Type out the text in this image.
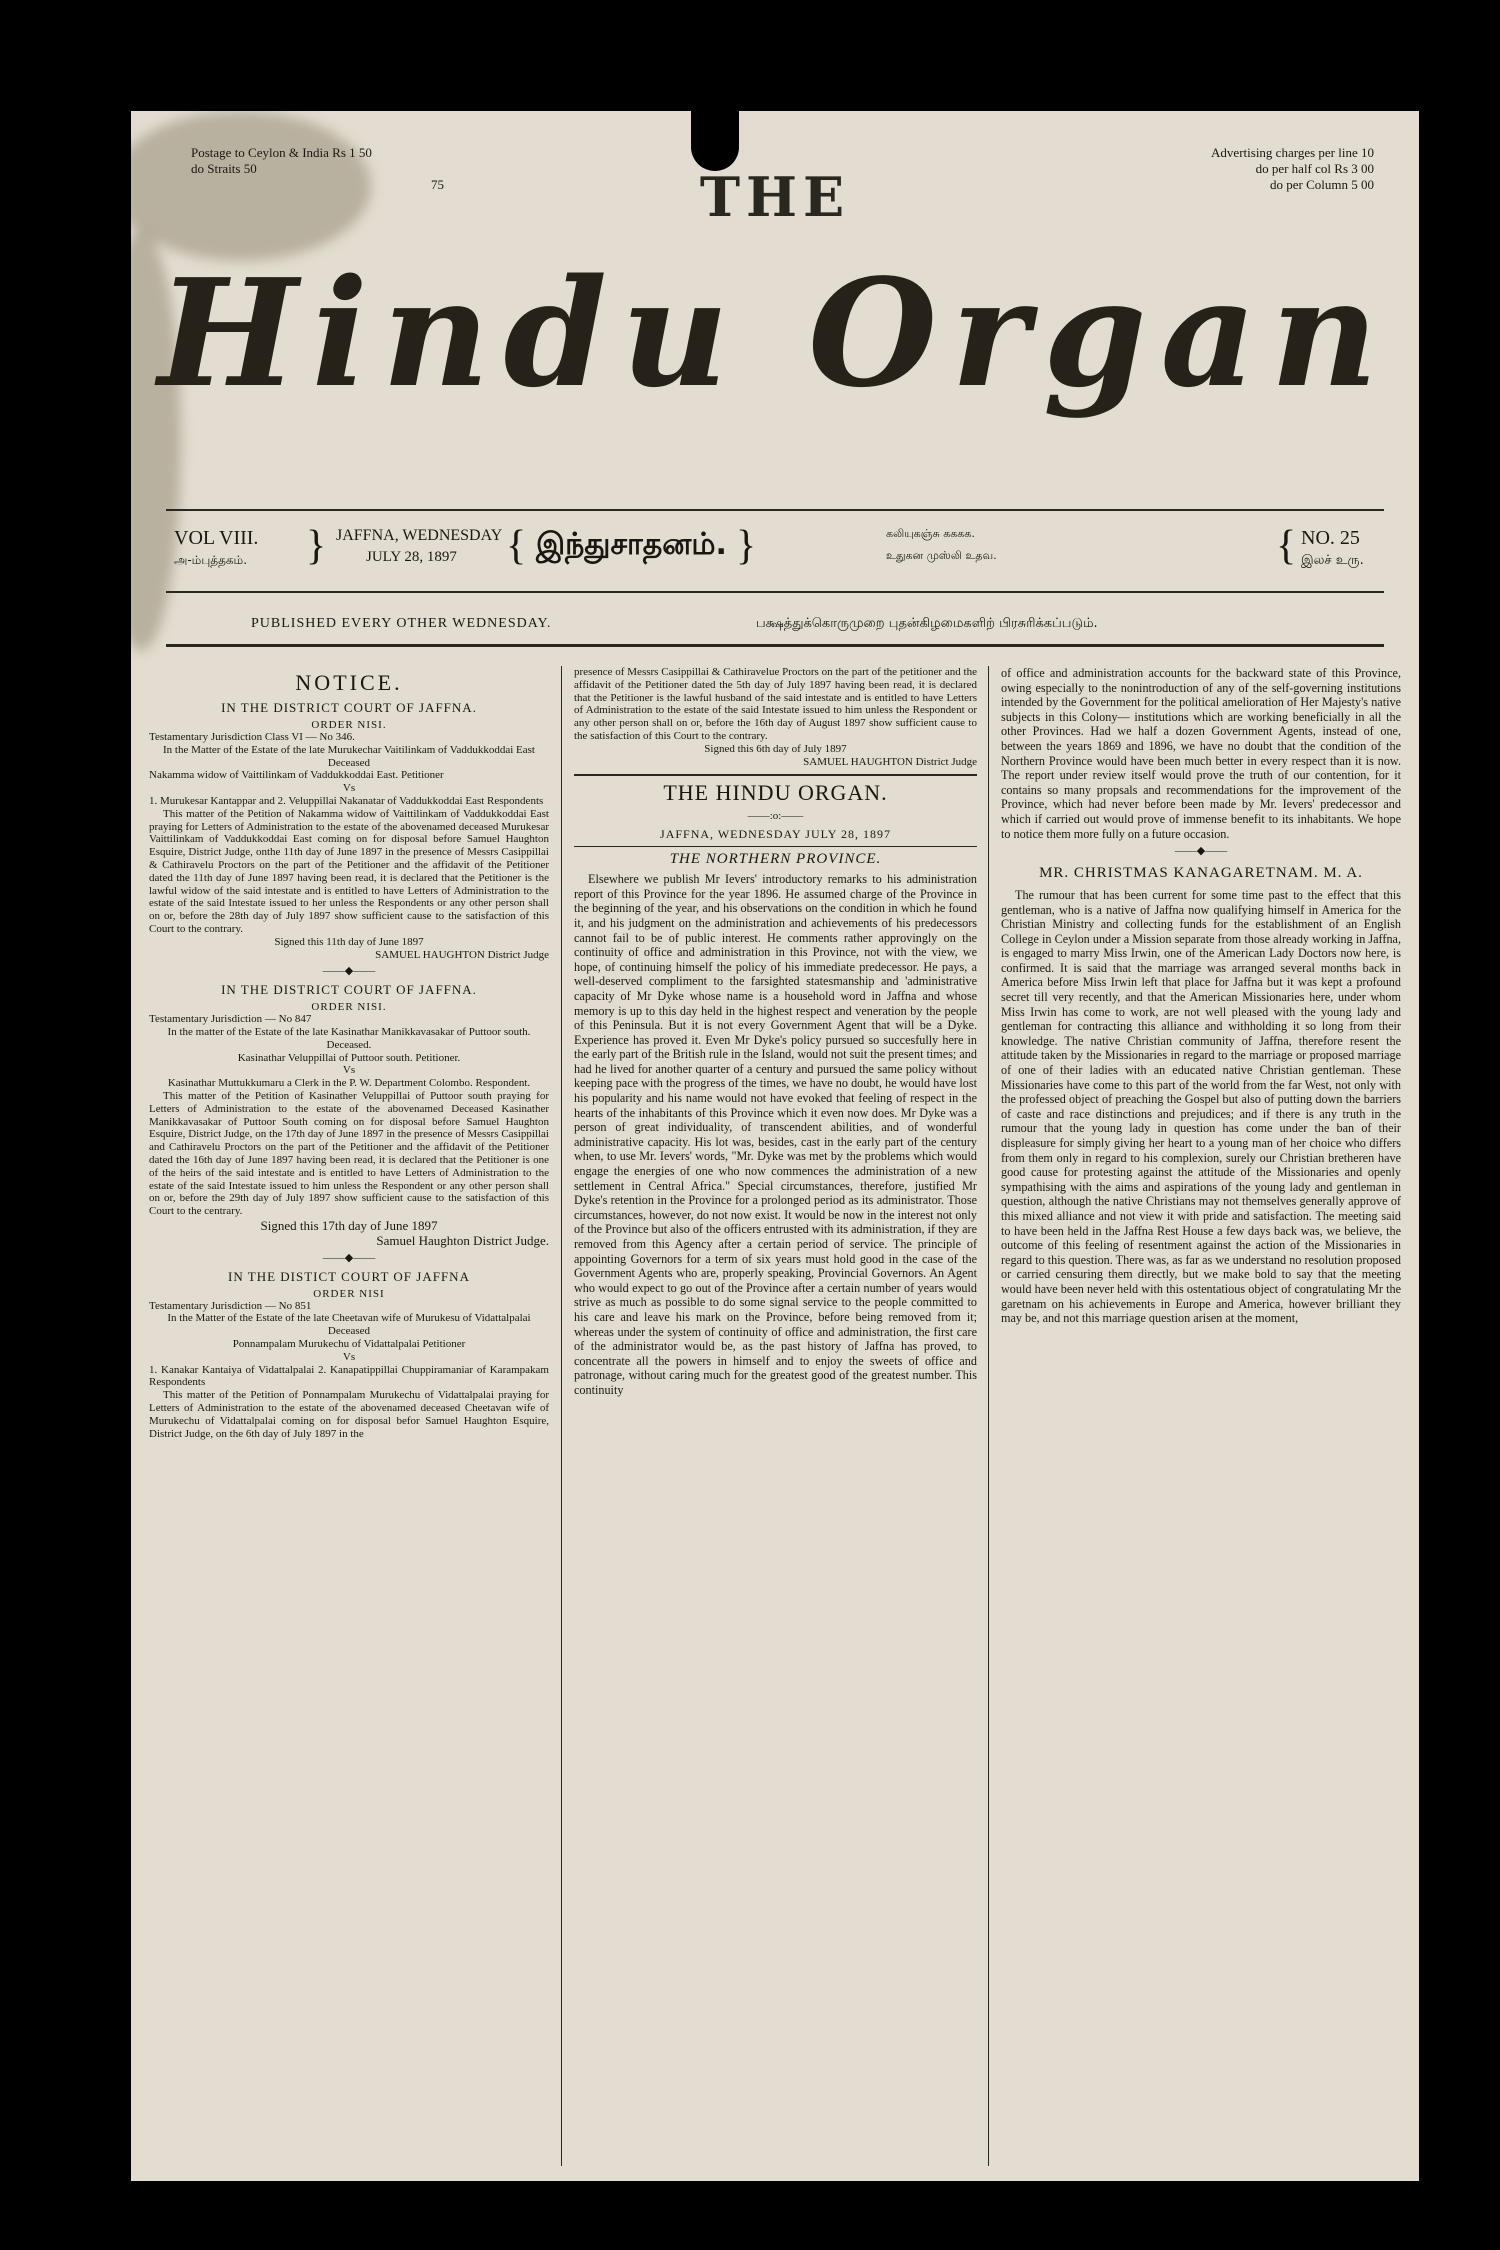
Postage to Ceylon & India Rs 1 50
do Straits 50
75	THE
Advertising charges per line 10
do per half col Rs 3 00
do per Column 5 00
Hindu Organ
VOL VIII.
அ-ம்புத்தகம். } JAFFNA, WEDNESDAY
JULY 28, 1897 { இந்துசாதனம். }	கலியுகஞ்சு கககக.
உதுகன முஸ்லி உதவ.	{ NO. 25
இலச் உரு.
PUBLISHED EVERY OTHER WEDNESDAY.	பக்ஷத்துக்கொருமுறை புதன்கிழமைகளிற் பிரசுரிக்கப்படும்.
NOTICE.
IN THE DISTRICT COURT OF JAFFNA.
ORDER NISI.

Testamentary Jurisdiction Class VI — No 346.

In the Matter of the Estate of the late Murukechar Vaitilinkam of Vaddukkoddai East Deceased

Nakamma widow of Vaittilinkam of Vaddukkoddai East. Petitioner

Vs

1. Murukesar Kantappar and 2. Veluppillai Nakanatar of Vaddukkoddai East Respondents

This matter of the Petition of Nakamma widow of Vaittilinkam of Vaddukkoddai East praying for Letters of Administration to the estate of the abovenamed deceased Murukesar Vaittilinkam of Vaddukkoddai East coming on for disposal before Samuel Haughton Esquire, District Judge, onthe 11th day of June 1897 in the presence of Messrs Casippillai & Cathiravelu Proctors on the part of the Petitioner and the affidavit of the Petitioner dated the 11th day of June 1897 having been read, it is declared that the Petitioner is the lawful widow of the said intestate and is entitled to have Letters of Administration to the estate of the said Intestate issued to her unless the Respondents or any other person shall on or, before the 28th day of July 1897 show sufficient cause to the satisfaction of this Court to the contrary.

Signed this 11th day of June 1897

SAMUEL HAUGHTON District Judge

——◆——
IN THE DISTRICT COURT OF JAFFNA.
ORDER NISI.

Testamentary Jurisdiction — No 847

In the matter of the Estate of the late Kasinathar Manikkavasakar of Puttoor south. Deceased.

Kasinathar Veluppillai of Puttoor south. Petitioner.

Vs

Kasinathar Muttukkumaru a Clerk in the P. W. Department Colombo. Respondent.

This matter of the Petition of Kasinather Veluppillai of Puttoor south praying for Letters of Administration to the estate of the abovenamed Deceased Kasinather Manikkavasakar of Puttoor South coming on for disposal before Samuel Haughton Esquire, District Judge, on the 17th day of June 1897 in the presence of Messrs Casippillai and Cathiravelu Proctors on the part of the Petitioner and the affidavit of the Petitioner dated the 16th day of June 1897 having been read, it is declared that the Petitioner is one of the heirs of the said intestate and is entitled to have Letters of Administration to the estate of the said Intestate issued to him unless the Respondent or any other person shall on or, before the 29th day of July 1897 show sufficient cause to the satisfaction of this Court to the centrary.

Signed this 17th day of June 1897

Samuel Haughton District Judge.

——◆——
IN THE DISTICT COURT OF JAFFNA
ORDER NISI

Testamentary Jurisdiction — No 851

In the Matter of the Estate of the late Cheetavan wife of Murukesu of Vidattalpalai Deceased

Ponnampalam Murukechu of Vidattalpalai Petitioner

Vs

1. Kanakar Kantaiya of Vidattalpalai 2. Kanapatippillai Chuppiramaniar of Karampakam Respondents

This matter of the Petition of Ponnampalam Murukechu of Vidattalpalai praying for Letters of Administration to the estate of the abovenamed deceased Cheetavan wife of Murukechu of Vidattalpalai coming on for disposal befor Samuel Haughton Esquire, District Judge, on the 6th day of July 1897 in the

presence of Messrs Casippillai & Cathiravelue Proctors on the part of the petitioner and the affidavit of the Petitioner dated the 5th day of July 1897 having been read, it is declared that the Petitioner is the lawful husband of the said intestate and is entitled to have Letters of Administration to the estate of the said Intestate issued to him unless the Respondent or any other person shall on or, before the 16th day of August 1897 show sufficient cause to the satisfaction of this Court to the contrary.

Signed this 6th day of July 1897

SAMUEL HAUGHTON District Judge

THE HINDU ORGAN.
——:o:——
JAFFNA, WEDNESDAY JULY 28, 1897
THE NORTHERN PROVINCE.

Elsewhere we publish Mr Ievers' introductory remarks to his administration report of this Province for the year 1896. He assumed charge of the Province in the beginning of the year, and his observations on the condition in which he found it, and his judgment on the administration and achievements of his predecessors cannot fail to be of public interest. He comments rather approvingly on the continuity of office and administration in this Province, not with the view, we hope, of continuing himself the policy of his immediate predecessor. He pays, a well-deserved compliment to the farsighted statesmanship and 'administrative capacity of Mr Dyke whose name is a household word in Jaffna and whose memory is up to this day held in the highest respect and veneration by the people of this Peninsula. But it is not every Government Agent that will be a Dyke. Experience has proved it. Even Mr Dyke's policy pursued so succesfully here in the early part of the British rule in the Island, would not suit the present times; and had he lived for another quarter of a century and pursued the same policy without keeping pace with the progress of the times, we have no doubt, he would have lost his popularity and his name would not have evoked that feeling of respect in the hearts of the inhabitants of this Province which it even now does. Mr Dyke was a person of great individuality, of transcendent abilities, and of wonderful administrative capacity. His lot was, besides, cast in the early part of the century when, to use Mr. Ievers' words, "Mr. Dyke was met by the problems which would engage the energies of one who now commences the administration of a new settlement in Central Africa." Special circumstances, therefore, justified Mr Dyke's retention in the Province for a prolonged period as its administrator. Those circumstances, however, do not now exist. It would be now in the interest not only of the Province but also of the officers entrusted with its administration, if they are removed from this Agency after a certain period of service. The principle of appointing Governors for a term of six years must hold good in the case of the Government Agents who are, properly speaking, Provincial Governors. An Agent who would expect to go out of the Province after a certain number of years would strive as much as possible to do some signal service to the people committed to his care and leave his mark on the Province, before being removed from it; whereas under the system of continuity of office and administration, the first care of the administrator would be, as the past history of Jaffna has proved, to concentrate all the powers in himself and to enjoy the sweets of office and patronage, without caring much for the greatest good of the greatest number. This continuity

of office and administration accounts for the backward state of this Province, owing especially to the nonintroduction of any of the self-governing institutions intended by the Government for the political amelioration of Her Majesty's native subjects in this Colony— institutions which are working beneficially in all the other Provinces. Had we half a dozen Government Agents, instead of one, between the years 1869 and 1896, we have no doubt that the condition of the Northern Province would have been much better in every respect than it is now. The report under review itself would prove the truth of our contention, for it contains so many propsals and recommendations for the improvement of the Province, which had never before been made by Mr. Ievers' predecessor and which if carried out would prove of immense benefit to its inhabitants. We hope to notice them more fully on a future occasion.

——◆——
MR. CHRISTMAS KANAGARETNAM. M. A.

The rumour that has been current for some time past to the effect that this gentleman, who is a native of Jaffna now qualifying himself in America for the Christian Ministry and collecting funds for the establishment of an English College in Ceylon under a Mission separate from those already working in Jaffna, is engaged to marry Miss Irwin, one of the American Lady Doctors now here, is confirmed. It is said that the marriage was arranged several months back in America before Miss Irwin left that place for Jaffna but it was kept a profound secret till very recently, and that the American Missionaries here, under whom Miss Irwin has come to work, are not well pleased with the young lady and gentleman for contracting this alliance and withholding it so long from their knowledge. The native Christian community of Jaffna, therefore resent the attitude taken by the Missionaries in regard to the marriage or proposed marriage of one of their ladies with an educated native Christian gentleman. These Missionaries have come to this part of the world from the far West, not only with the professed object of preaching the Gospel but also of putting down the barriers of caste and race distinctions and prejudices; and if there is any truth in the rumour that the young lady in question has come under the ban of their displeasure for simply giving her heart to a young man of her choice who differs from them only in regard to his complexion, surely our Christian bretheren have good cause for protesting against the attitude of the Missionaries and openly sympathising with the aims and aspirations of the young lady and gentleman in question, although the native Christians may not themselves generally approve of this mixed alliance and not view it with pride and satisfaction. The meeting said to have been held in the Jaffna Rest House a few days back was, we believe, the outcome of this feeling of resentment against the action of the Missionaries in regard to this question. There was, as far as we understand no resolution proposed or carried censuring them directly, but we make bold to say that the meeting would have been never held with this ostentatious object of congratulating Mr the garetnam on his achievements in Europe and America, however brilliant they may be, and not this marriage question arisen at the moment,
